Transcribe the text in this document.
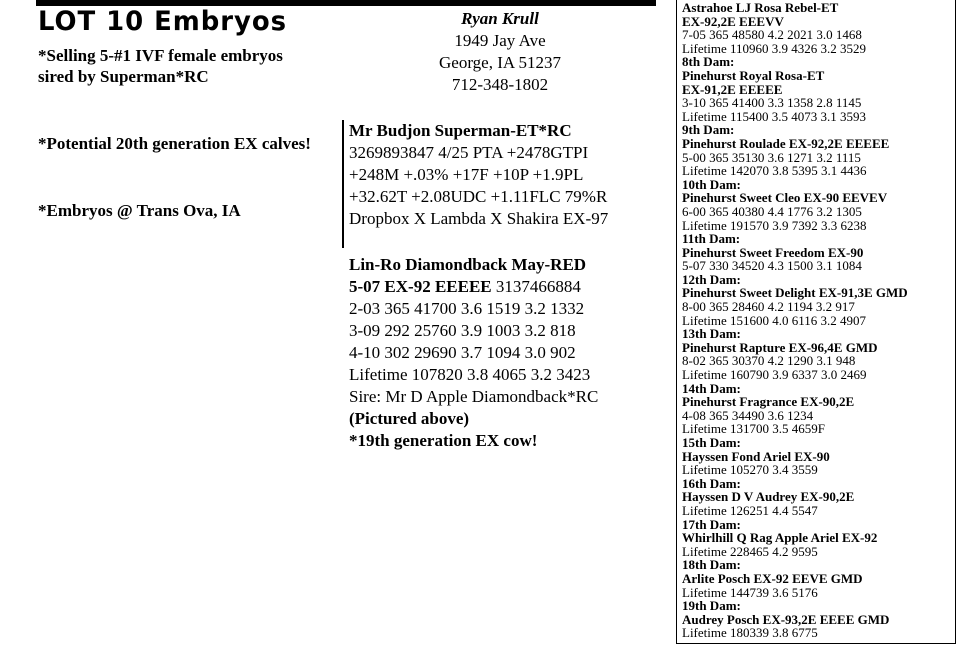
LOT 10 Embryos
*Selling 5-#1 IVF female embryos
sired by Superman*RC
*Potential 20th generation EX calves!
*Embryos @ Trans Ova, IA
Ryan Krull
1949 Jay Ave
George, IA 51237
712-348-1802
Mr Budjon Superman-ET*RC
3269893847 4/25 PTA +2478GTPI
+248M +.03% +17F +10P +1.9PL
+32.62T +2.08UDC +1.11FLC 79%R
Dropbox X Lambda X Shakira EX-97
Lin-Ro Diamondback May-RED
5-07 EX-92 EEEEE 3137466884
2-03 365 41700 3.6 1519 3.2 1332
3-09 292 25760 3.9 1003 3.2 818
4-10 302 29690 3.7 1094 3.0 902
Lifetime 107820 3.8 4065 3.2 3423
Sire: Mr D Apple Diamondback*RC
(Pictured above)
*19th generation EX cow!
Astrahoe LJ Rosa Rebel-ET
EX-92,2E EEEVV
7-05 365 48580 4.2 2021 3.0 1468
Lifetime 110960 3.9 4326 3.2 3529
8th Dam:
Pinehurst Royal Rosa-ET
EX-91,2E EEEEE
3-10 365 41400 3.3 1358 2.8 1145
Lifetime 115400 3.5 4073 3.1 3593
9th Dam:
Pinehurst Roulade EX-92,2E EEEEE
5-00 365 35130 3.6 1271 3.2 1115
Lifetime 142070 3.8 5395 3.1 4436
10th Dam:
Pinehurst Sweet Cleo EX-90 EEVEV
6-00 365 40380 4.4 1776 3.2 1305
Lifetime 191570 3.9 7392 3.3 6238
11th Dam:
Pinehurst Sweet Freedom EX-90
5-07 330 34520 4.3 1500 3.1 1084
12th Dam:
Pinehurst Sweet Delight EX-91,3E GMD
8-00 365 28460 4.2 1194 3.2 917
Lifetime 151600 4.0 6116 3.2 4907
13th Dam:
Pinehurst Rapture EX-96,4E GMD
8-02 365 30370 4.2 1290 3.1 948
Lifetime 160790 3.9 6337 3.0 2469
14th Dam:
Pinehurst Fragrance EX-90,2E
4-08 365 34490 3.6 1234
Lifetime 131700 3.5 4659F
15th Dam:
Hayssen Fond Ariel EX-90
Lifetime 105270 3.4 3559
16th Dam:
Hayssen D V Audrey EX-90,2E
Lifetime 126251 4.4 5547
17th Dam:
Whirlhill Q Rag Apple Ariel EX-92
Lifetime 228465 4.2 9595
18th Dam:
Arlite Posch EX-92 EEVE GMD
Lifetime 144739 3.6 5176
19th Dam:
Audrey Posch EX-93,2E EEEE GMD
Lifetime 180339 3.8 6775
